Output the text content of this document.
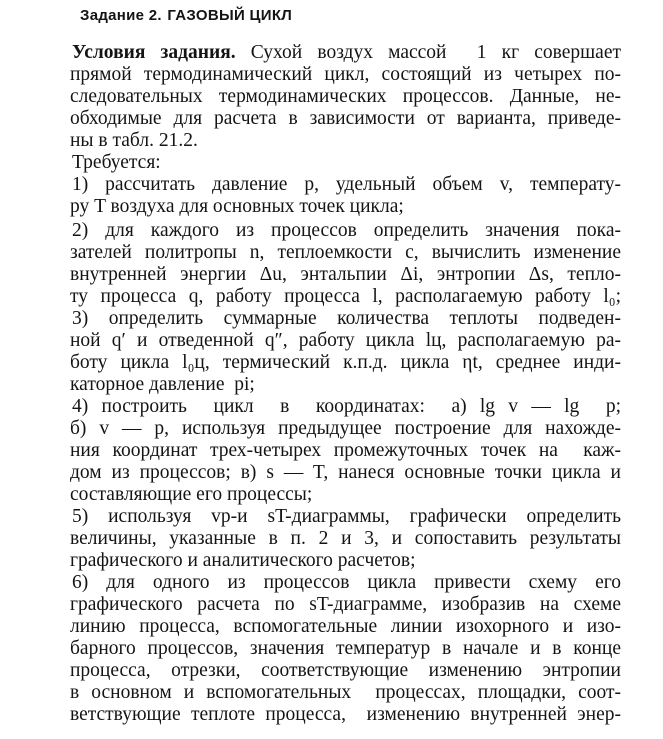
Задание 2. ГАЗОВЫЙ ЦИКЛ
Условия задания. Сухой воздух массой  1 кг совершает
прямой термодинамический цикл, состоящий из четырех по-
следовательных термодинамических процессов. Данные, не-
обходимые для расчета в зависимости от варианта, приведе-
ны в табл. 21.2.
Требуется:
1) рассчитать давление p, удельный объем v, температу-
ру T воздуха для основных точек цикла;
2) для каждого из процессов определить значения пока-
зателей политропы n, теплоемкости c, вычислить изменение
внутренней энергии Δu, энтальпии Δi, энтропии Δs, тепло-
ту процесса q, работу процесса l, располагаемую работу l₀;
3) определить суммарные количества теплоты подведен-
ной q′ и отведенной q″, работу цикла lц, располагаемую ра-
боту цикла l₀ц, термический к.п.д. цикла ηt, среднее инди-
каторное давление  pi;
4) построить  цикл  в  координатах:  а) lg v — lg  p;
б) v — p, используя предыдущее построение для нахожде-
ния координат трех-четырех промежуточных точек на  каж-
дом из процессов; в) s — T, нанеся основные точки цикла и
составляющие его процессы;
5) используя vp-и sT-диаграммы, графически определить
величины, указанные в п. 2 и 3, и сопоставить результаты
графического и аналитического расчетов;
6) для одного из процессов цикла привести схему его
графического расчета по sT-диаграмме, изобразив на схеме
линию процесса, вспомогательные линии изохорного и изо-
барного процессов, значения температур в начале и в конце
процесса, отрезки, соответствующие изменению энтропии
в основном и вспомогательных  процессах, площадки, соот-
ветствующие теплоте процесса,  изменению внутренней энер-
